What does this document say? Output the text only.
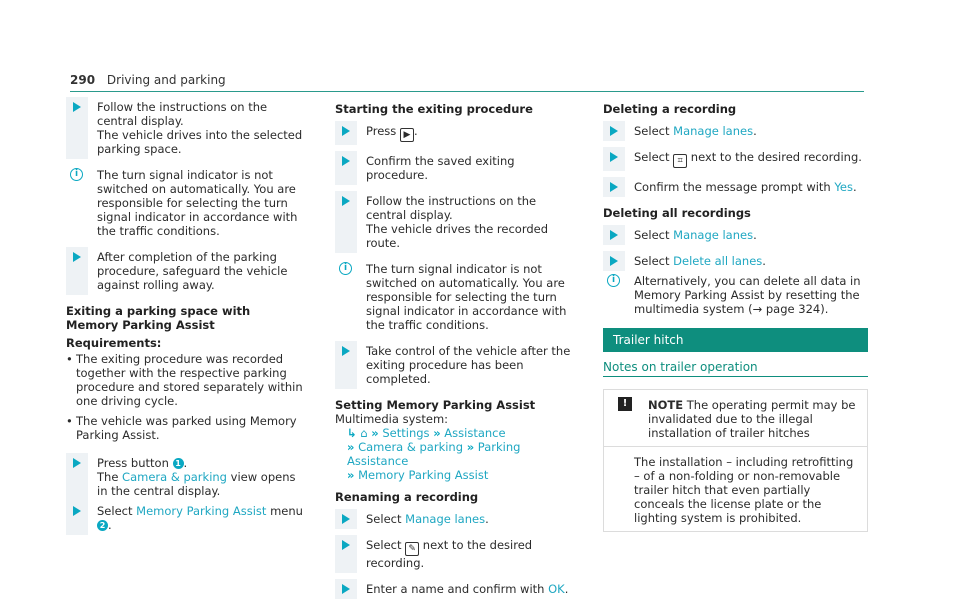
290 Driving and parking
Follow the instructions on the central display.
The vehicle drives into the selected parking space.
i	The turn signal indicator is not switched on automatically. You are responsible for selecting the turn signal indicator in accordance with the traffic conditions.
After completion of the parking procedure, safeguard the vehicle against rolling away.
Exiting a parking space with Memory Parking Assist
Requirements:
• The exiting procedure was recorded together with the respective parking procedure and stored separately within one driving cycle.
• The vehicle was parked using Memory Parking Assist.
Press button 1 .
The Camera & parking view opens in the central display.
Select Memory Parking Assist menu 2 .
Starting the exiting procedure
Press ▶ .
Confirm the saved exiting procedure.
Follow the instructions on the central display.
The vehicle drives the recorded route.
i	The turn signal indicator is not switched on automatically. You are responsible for selecting the turn signal indicator in accordance with the traffic conditions.
Take control of the vehicle after the exiting procedure has been completed.
Setting Memory Parking Assist
Multimedia system:
↳ ⌂ » Settings » Assistance
» Camera & parking » Parking Assistance
» Memory Parking Assist
Renaming a recording
Select Manage lanes.
Select ✎ next to the desired recording.
Enter a name and confirm with OK.
Deleting a recording
Select Manage lanes.
Select ⌗ next to the desired recording.
Confirm the message prompt with Yes.
Deleting all recordings
Select Manage lanes.
Select Delete all lanes.
i	Alternatively, you can delete all data in Memory Parking Assist by resetting the multimedia system (→ page 324).
Trailer hitch
Notes on trailer operation
!	NOTE The operating permit may be invalidated due to the illegal installation of trailer hitches
The installation – including retrofitting – of a non-folding or non-removable trailer hitch that even partially conceals the license plate or the lighting system is prohibited.
